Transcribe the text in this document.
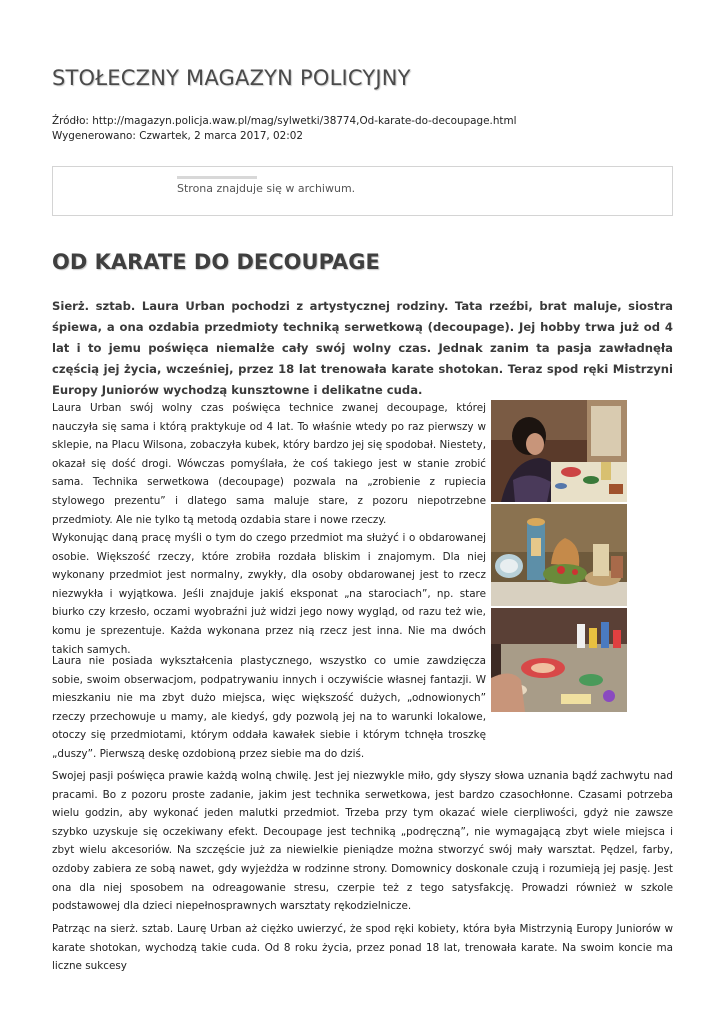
STOŁECZNY MAGAZYN POLICYJNY
Źródło: http://magazyn.policja.waw.pl/mag/sylwetki/38774,Od-karate-do-decoupage.html
Wygenerowano: Czwartek, 2 marca 2017, 02:02
Strona znajduje się w archiwum.
OD KARATE DO DECOUPAGE

Sierż. sztab. Laura Urban pochodzi z artystycznej rodziny. Tata rzeźbi, brat maluje, siostra śpiewa, a ona ozdabia przedmioty techniką serwetkową (decoupage). Jej hobby trwa już od 4 lat i to jemu poświęca niemalże cały swój wolny czas. Jednak zanim ta pasja zawładnęła częścią jej życia, wcześniej, przez 18 lat trenowała karate shotokan. Teraz spod ręki Mistrzyni Europy Juniorów wychodzą kunsztowne i delikatne cuda.

Laura Urban swój wolny czas poświęca technice zwanej decoupage, której nauczyła się sama i którą praktykuje od 4 lat. To właśnie wtedy po raz pierwszy w sklepie, na Placu Wilsona, zobaczyła kubek, który bardzo jej się spodobał. Niestety, okazał się dość drogi. Wówczas pomyślała, że coś takiego jest w stanie zrobić sama. Technika serwetkowa (decoupage) pozwala na „zrobienie z rupiecia stylowego prezentu” i dlatego sama maluje stare, z pozoru niepotrzebne przedmioty. Ale nie tylko tą metodą ozdabia stare i nowe rzeczy.

Wykonując daną pracę myśli o tym do czego przedmiot ma służyć i o obdarowanej osobie. Większość rzeczy, które zrobiła rozdała bliskim i znajomym. Dla niej wykonany przedmiot jest normalny, zwykły, dla osoby obdarowanej jest to rzecz niezwykła i wyjątkowa. Jeśli znajduje jakiś eksponat „na starociach”, np. stare biurko czy krzesło, oczami wyobraźni już widzi jego nowy wygląd, od razu też wie, komu je sprezentuje. Każda wykonana przez nią rzecz jest inna. Nie ma dwóch takich samych.

Laura nie posiada wykształcenia plastycznego, wszystko co umie zawdzięcza sobie, swoim obserwacjom, podpatrywaniu innych i oczywiście własnej fantazji. W mieszkaniu nie ma zbyt dużo miejsca, więc większość dużych, „odnowionych” rzeczy przechowuje u mamy, ale kiedyś, gdy pozwolą jej na to warunki lokalowe, otoczy się przedmiotami, którym oddała kawałek siebie i którym tchnęła troszkę „duszy”. Pierwszą deskę ozdobioną przez siebie ma do dziś.

Swojej pasji poświęca prawie każdą wolną chwilę. Jest jej niezwykle miło, gdy słyszy słowa uznania bądź zachwytu nad pracami. Bo z pozoru proste zadanie, jakim jest technika serwetkowa, jest bardzo czasochłonne. Czasami potrzeba wielu godzin, aby wykonać jeden malutki przedmiot. Trzeba przy tym okazać wiele cierpliwości, gdyż nie zawsze szybko uzyskuje się oczekiwany efekt. Decoupage jest techniką „podręczną”, nie wymagającą zbyt wiele miejsca i zbyt wielu akcesoriów. Na szczęście już za niewielkie pieniądze można stworzyć swój mały warsztat. Pędzel, farby, ozdoby zabiera ze sobą nawet, gdy wyjeżdża w rodzinne strony. Domownicy doskonale czują i rozumieją jej pasję. Jest ona dla niej sposobem na odreagowanie stresu, czerpie też z tego satysfakcję. Prowadzi również w szkole podstawowej dla dzieci niepełnosprawnych warsztaty rękodzielnicze.

Patrząc na sierż. sztab. Laurę Urban aż ciężko uwierzyć, że spod ręki kobiety, która była Mistrzynią Europy Juniorów w karate shotokan, wychodzą takie cuda. Od 8 roku życia, przez ponad 18 lat, trenowała karate. Na swoim koncie ma liczne sukcesy
